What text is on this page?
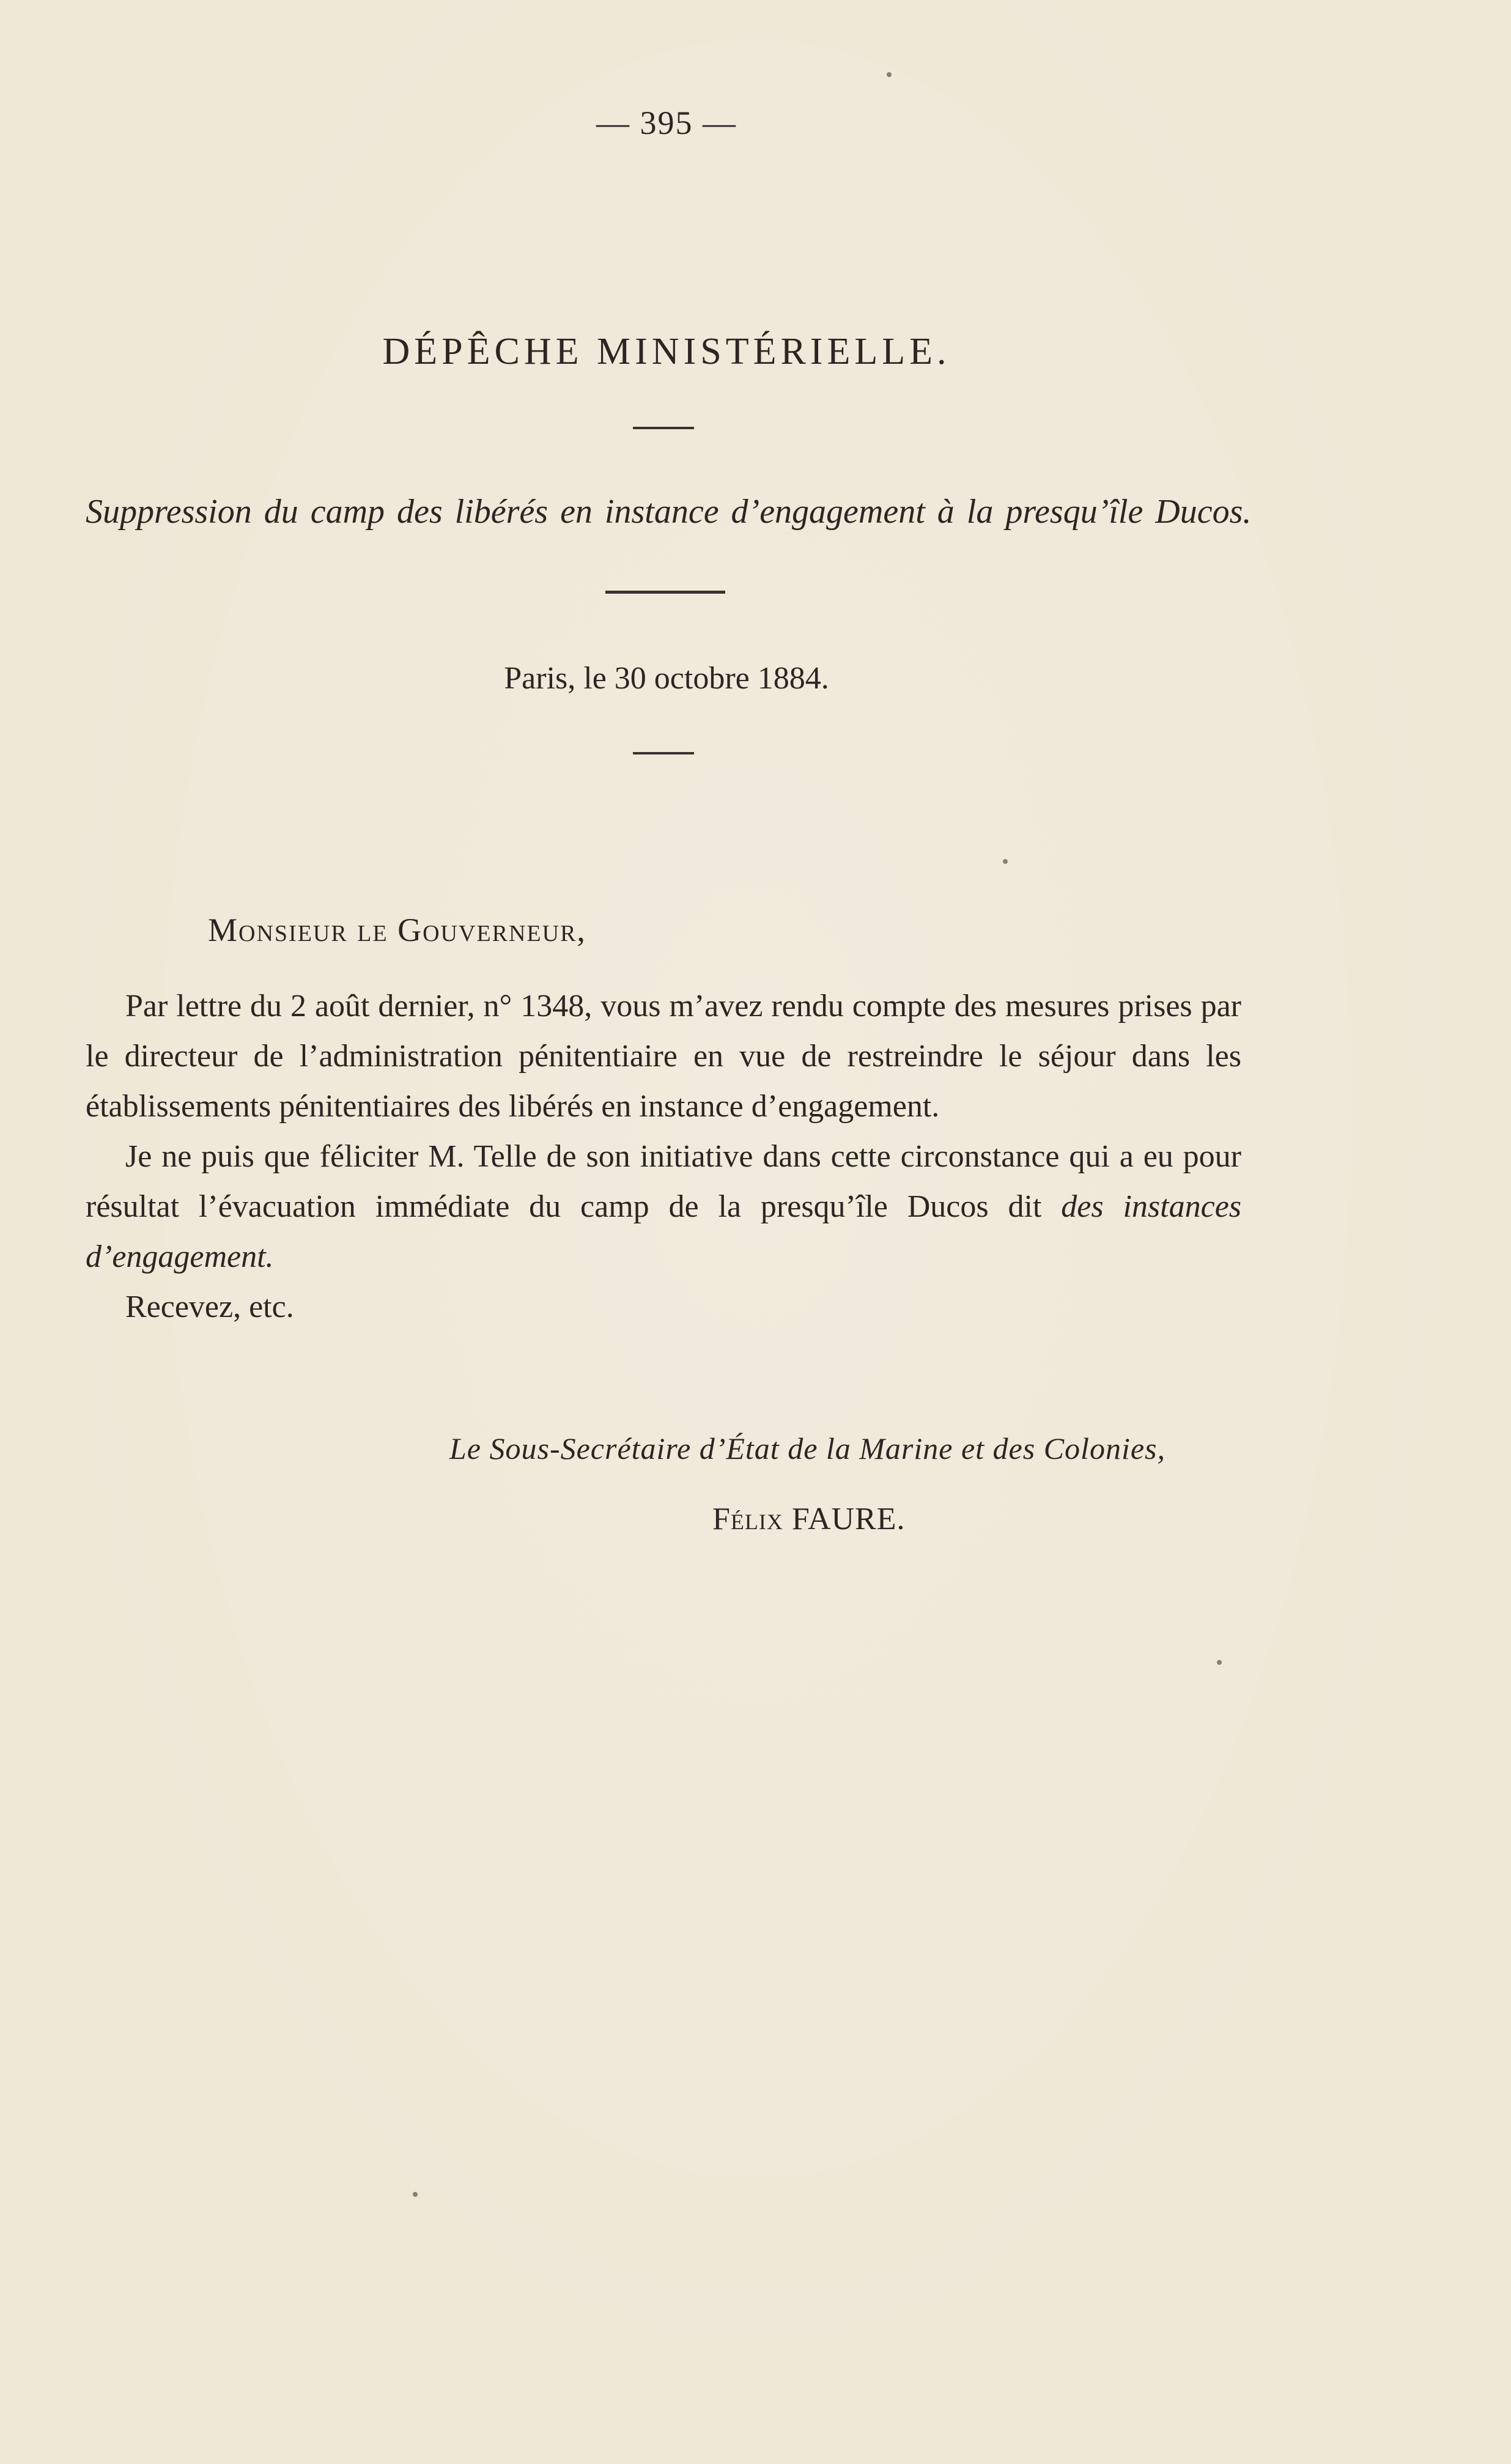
— 395 —
DÉPÊCHE MINISTÉRIELLE.
Suppression du camp des libérés en instance d’engagement à la presqu’île Ducos.
Paris, le 30 octobre 1884.
Monsieur le Gouverneur,

Par lettre du 2 août dernier, n° 1348, vous m’avez rendu compte des mesures prises par le directeur de l’administration pénitentiaire en vue de restreindre le séjour dans les établissements pénitentiaires des libérés en instance d’engagement.

Je ne puis que féliciter M. Telle de son initiative dans cette circonstance qui a eu pour résultat l’évacuation immédiate du camp de la presqu’île Ducos dit des instances d’engagement.

Recevez, etc.

Le Sous-Secrétaire d’État de la Marine et des Colonies,
Félix FAURE.
